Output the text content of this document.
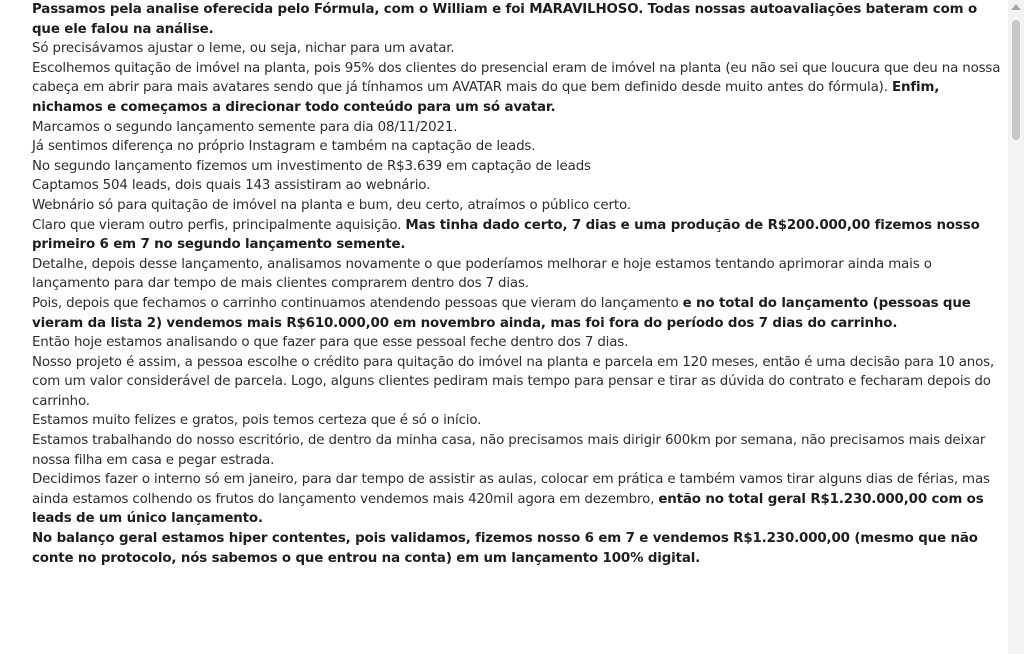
Passamos pela analise oferecida pelo Fórmula, com o William e foi MARAVILHOSO. Todas nossas autoavaliações bateram com o que ele falou na análise.

Só precisávamos ajustar o leme, ou seja, nichar para um avatar.

Escolhemos quitação de imóvel na planta, pois 95% dos clientes do presencial eram de imóvel na planta (eu não sei que loucura que deu na nossa cabeça em abrir para mais avatares sendo que já tínhamos um AVATAR mais do que bem definido desde muito antes do fórmula). Enfim, nichamos e começamos a direcionar todo conteúdo para um só avatar.

Marcamos o segundo lançamento semente para dia 08/11/2021.

Já sentimos diferença no próprio Instagram e também na captação de leads.

No segundo lançamento fizemos um investimento de R$3.639 em captação de leads

Captamos 504 leads, dois quais 143 assistiram ao webnário.

Webnário só para quitação de imóvel na planta e bum, deu certo, atraímos o público certo.

Claro que vieram outro perfis, principalmente aquisição. Mas tinha dado certo, 7 dias e uma produção de R$200.000,00 fizemos nosso primeiro 6 em 7 no segundo lançamento semente.

Detalhe, depois desse lançamento, analisamos novamente o que poderíamos melhorar e hoje estamos tentando aprimorar ainda mais o lançamento para dar tempo de mais clientes comprarem dentro dos 7 dias.

Pois, depois que fechamos o carrinho continuamos atendendo pessoas que vieram do lançamento e no total do lançamento (pessoas que vieram da lista 2) vendemos mais R$610.000,00 em novembro ainda, mas foi fora do período dos 7 dias do carrinho.

Então hoje estamos analisando o que fazer para que esse pessoal feche dentro dos 7 dias.

Nosso projeto é assim, a pessoa escolhe o crédito para quitação do imóvel na planta e parcela em 120 meses, então é uma decisão para 10 anos, com um valor considerável de parcela. Logo, alguns clientes pediram mais tempo para pensar e tirar as dúvida do contrato e fecharam depois do carrinho.

Estamos muito felizes e gratos, pois temos certeza que é só o início.

Estamos trabalhando do nosso escritório, de dentro da minha casa, não precisamos mais dirigir 600km por semana, não precisamos mais deixar nossa filha em casa e pegar estrada.

Decidimos fazer o interno só em janeiro, para dar tempo de assistir as aulas, colocar em prática e também vamos tirar alguns dias de férias, mas ainda estamos colhendo os frutos do lançamento vendemos mais 420mil agora em dezembro, então no total geral R$1.230.000,00 com os leads de um único lançamento.

No balanço geral estamos hiper contentes, pois validamos, fizemos nosso 6 em 7 e vendemos R$1.230.000,00 (mesmo que não conte no protocolo, nós sabemos o que entrou na conta) em um lançamento 100% digital.
